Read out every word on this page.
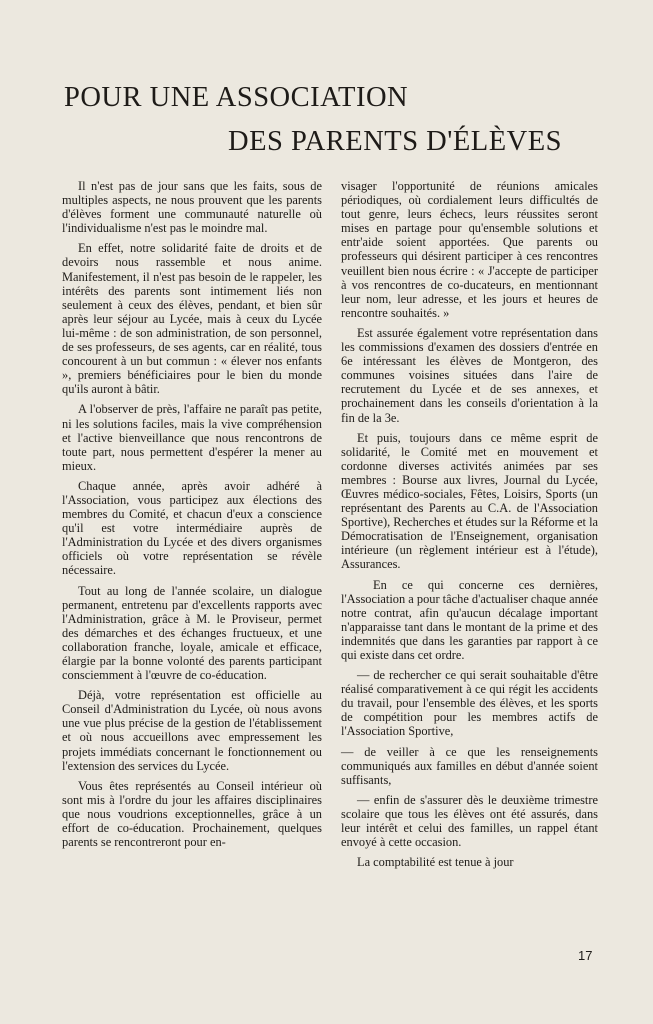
POUR UNE ASSOCIATION
DES PARENTS D'ÉLÈVES

Il n'est pas de jour sans que les faits, sous de multiples aspects, ne nous prouvent que les parents d'élèves forment une communauté naturelle où l'individualisme n'est pas le moindre mal.

En effet, notre solidarité faite de droits et de devoirs nous rassemble et nous anime. Manifestement, il n'est pas besoin de le rappeler, les intérêts des parents sont intimement liés non seulement à ceux des élèves, pendant, et bien sûr après leur séjour au Lycée, mais à ceux du Lycée lui-même : de son administration, de son personnel, de ses professeurs, de ses agents, car en réalité, tous concourent à un but commun : « élever nos enfants », premiers bénéficiaires pour le bien du monde qu'ils auront à bâtir.

A l'observer de près, l'affaire ne paraît pas petite, ni les solutions faciles, mais la vive compréhension et l'active bienveillance que nous rencontrons de toute part, nous permettent d'espérer la mener au mieux.

Chaque année, après avoir adhéré à l'Association, vous participez aux élections des membres du Comité, et chacun d'eux a conscience qu'il est votre intermédiaire auprès de l'Administration du Lycée et des divers organismes officiels où votre représentation se révèle nécessaire.

Tout au long de l'année scolaire, un dialogue permanent, entretenu par d'excellents rapports avec l'Administration, grâce à M. le Proviseur, permet des démarches et des échanges fructueux, et une collaboration franche, loyale, amicale et efficace, élargie par la bonne volonté des parents participant consciemment à l'œuvre de co-éducation.

Déjà, votre représentation est officielle au Conseil d'Administration du Lycée, où nous avons une vue plus précise de la gestion de l'établissement et où nous accueillons avec empressement les projets immédiats concernant le fonctionnement ou l'extension des services du Lycée.

Vous êtes représentés au Conseil intérieur où sont mis à l'ordre du jour les affaires disciplinaires que nous voudrions exceptionnelles, grâce à un effort de co-éducation. Prochainement, quelques parents se rencontreront pour en-

visager l'opportunité de réunions amicales périodiques, où cordialement leurs difficultés de tout genre, leurs échecs, leurs réussites seront mises en partage pour qu'ensemble solutions et entr'aide soient apportées. Que parents ou professeurs qui désirent participer à ces rencontres veuillent bien nous écrire : « J'accepte de participer à vos rencontres de co-ducateurs, en mentionnant leur nom, leur adresse, et les jours et heures de rencontre souhaités. »

Est assurée également votre représentation dans les commissions d'examen des dossiers d'entrée en 6e intéressant les élèves de Montgeron, des communes voisines situées dans l'aire de recrutement du Lycée et de ses annexes, et prochainement dans les conseils d'orientation à la fin de la 3e.

Et puis, toujours dans ce même esprit de solidarité, le Comité met en mouvement et cordonne diverses activités animées par ses membres : Bourse aux livres, Journal du Lycée, Œuvres médico-sociales, Fêtes, Loisirs, Sports (un représentant des Parents au C.A. de l'Association Sportive), Recherches et études sur la Réforme et la Démocratisation de l'Enseignement, organisation intérieure (un règlement intérieur est à l'étude), Assurances.

En ce qui concerne ces dernières, l'Association a pour tâche d'actualiser chaque année notre contrat, afin qu'aucun décalage important n'apparaisse tant dans le montant de la prime et des indemnités que dans les garanties par rapport à ce qui existe dans cet ordre.

— de rechercher ce qui serait souhaitable d'être réalisé comparativement à ce qui régit les accidents du travail, pour l'ensemble des élèves, et les sports de compétition pour les membres actifs de l'Association Sportive,

— de veiller à ce que les renseignements communiqués aux familles en début d'année soient suffisants,

— enfin de s'assurer dès le deuxième trimestre scolaire que tous les élèves ont été assurés, dans leur intérêt et celui des familles, un rappel étant envoyé à cette occasion.

La comptabilité est tenue à jour

17
